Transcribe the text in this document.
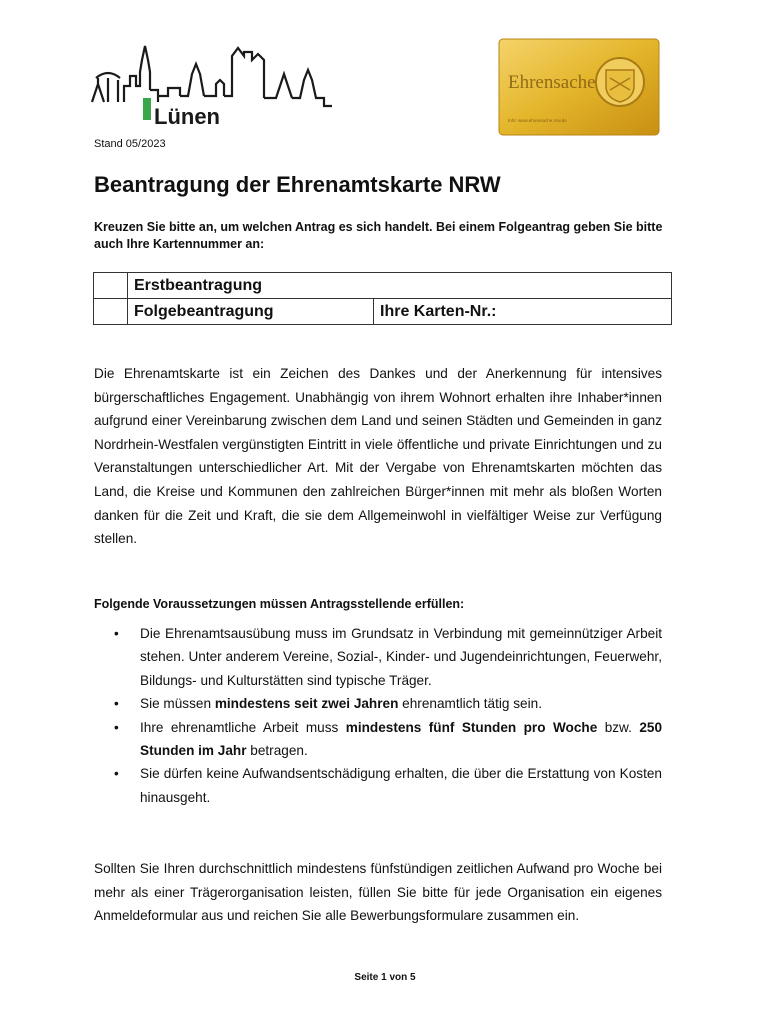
Lünen
Ehrensache
Info: www.ehrensache.nrw.de
Stand 05/2023
Beantragung der Ehrenamtskarte NRW

Kreuzen Sie bitte an, um welchen Antrag es sich handelt. Bei einem Folgeantrag geben Sie bitte auch Ihre Kartennummer an:

	Erstbeantragung	
	Folgebeantragung	Ihre Karten-Nr.:

Die Ehrenamtskarte ist ein Zeichen des Dankes und der Anerkennung für intensives bürgerschaftliches Engagement. Unabhängig von ihrem Wohnort erhalten ihre Inhaber*innen aufgrund einer Vereinbarung zwischen dem Land und seinen Städten und Gemeinden in ganz Nordrhein-Westfalen vergünstigten Eintritt in viele öffentliche und private Einrichtungen und zu Veranstaltungen unterschiedlicher Art. Mit der Vergabe von Ehrenamtskarten möchten das Land, die Kreise und Kommunen den zahlreichen Bürger*innen mit mehr als bloßen Worten danken für die Zeit und Kraft, die sie dem Allgemeinwohl in vielfältiger Weise zur Verfügung stellen.

Folgende Voraussetzungen müssen Antragsstellende erfüllen:

• Die Ehrenamtsausübung muss im Grundsatz in Verbindung mit gemeinnütziger Arbeit stehen. Unter anderem Vereine, Sozial-, Kinder- und Jugendeinrichtungen, Feuerwehr, Bildungs- und Kulturstätten sind typische Träger.
• Sie müssen mindestens seit zwei Jahren ehrenamtlich tätig sein.
• Ihre ehrenamtliche Arbeit muss mindestens fünf Stunden pro Woche bzw. 250 Stunden im Jahr betragen.
• Sie dürfen keine Aufwandsentschädigung erhalten, die über die Erstattung von Kosten hinausgeht.

Sollten Sie Ihren durchschnittlich mindestens fünfstündigen zeitlichen Aufwand pro Woche bei mehr als einer Trägerorganisation leisten, füllen Sie bitte für jede Organisation ein eigenes Anmeldeformular aus und reichen Sie alle Bewerbungsformulare zusammen ein.

Seite 1 von 5
